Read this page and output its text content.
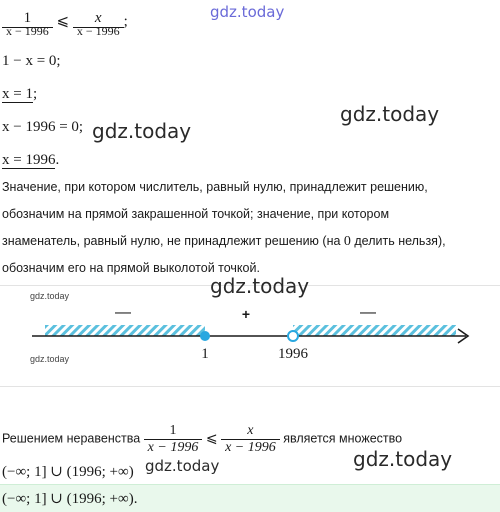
gdz.today
gdz.today
gdz.today
$\frac{1}{x - 1996}$ ⩽ $\frac{x}{x - 1996}$ ;
1 − x = 0;
x = 1;
x − 1996 = 0;
x = 1996.
Значение, при котором числитель, равный нулю, принадлежит решению,
обозначим на прямой закрашенной точкой; значение, при котором
знаменатель, равный нулю, не принадлежит решению (на 0 делить нельзя),
обозначим его на прямой выколотой точкой.
gdz.today
gdz.today
gdz.today
—	+	—
1	1996
Решением неравенства $\frac{1}{x - 1996}$ ⩽ $\frac{x}{x - 1996}$ является множество
(−∞; 1] ∪ (1996; +∞) gdz.today	gdz.today
(−∞; 1] ∪ (1996; +∞).
